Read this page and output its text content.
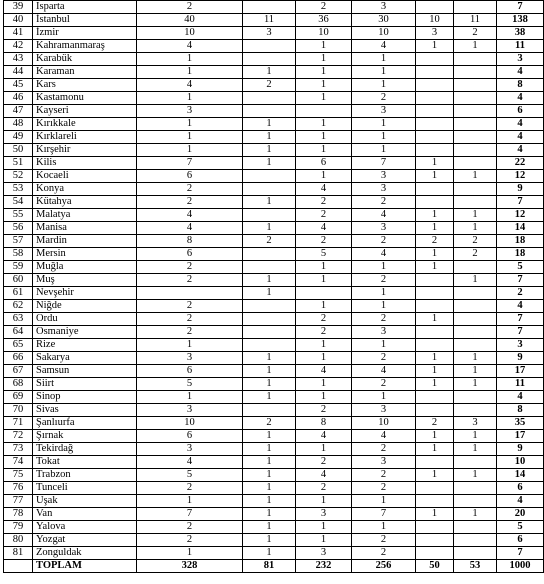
39	Isparta	2		2	3			7
40	İstanbul	40	11	36	30	10	11	138
41	İzmir	10	3	10	10	3	2	38
42	Kahramanmaraş	4		1	4	1	1	11
43	Karabük	1		1	1			3
44	Karaman	1	1	1	1			4
45	Kars	4	2	1	1			8
46	Kastamonu	1		1	2			4
47	Kayseri	3			3			6
48	Kırıkkale	1	1	1	1			4
49	Kırklareli	1	1	1	1			4
50	Kırşehir	1	1	1	1			4
51	Kilis	7	1	6	7	1		22
52	Kocaeli	6		1	3	1	1	12
53	Konya	2		4	3			9
54	Kütahya	2	1	2	2			7
55	Malatya	4		2	4	1	1	12
56	Manisa	4	1	4	3	1	1	14
57	Mardin	8	2	2	2	2	2	18
58	Mersin	6		5	4	1	2	18
59	Muğla	2		1	1	1		5
60	Muş	2	1	1	2		1	7
61	Nevşehir		1		1			2
62	Niğde	2		1	1			4
63	Ordu	2		2	2	1		7
64	Osmaniye	2		2	3			7
65	Rize	1		1	1			3
66	Sakarya	3	1	1	2	1	1	9
67	Samsun	6	1	4	4	1	1	17
68	Siirt	5	1	1	2	1	1	11
69	Sinop	1	1	1	1			4
70	Sivas	3		2	3			8
71	Şanlıurfa	10	2	8	10	2	3	35
72	Şırnak	6	1	4	4	1	1	17
73	Tekirdağ	3	1	1	2	1	1	9
74	Tokat	4	1	2	3			10
75	Trabzon	5	1	4	2	1	1	14
76	Tunceli	2	1	2	2			6
77	Uşak	1	1	1	1			4
78	Van	7	1	3	7	1	1	20
79	Yalova	2	1	1	1			5
80	Yozgat	2	1	1	2			6
81	Zonguldak	1	1	3	2			7
	TOPLAM	328	81	232	256	50	53	1000
